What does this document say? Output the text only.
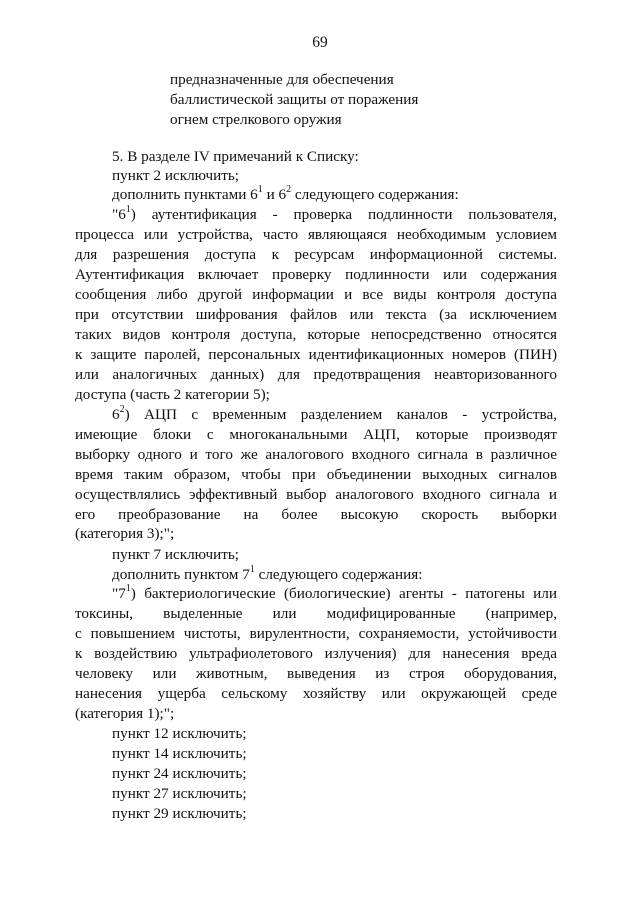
69
предназначенные для обеспечения
баллистической защиты от поражения
огнем стрелкового оружия
5. В разделе IV примечаний к Списку:
пункт 2 исключить;
дополнить пунктами $6^1$ и $6^2$ следующего содержания:
"$6^1$) аутентификация - проверка подлинности пользователя,
процесса или устройства, часто являющаяся необходимым условием
для разрешения доступа к ресурсам информационной системы.
Аутентификация включает проверку подлинности или содержания
сообщения либо другой информации и все виды контроля доступа
при отсутствии шифрования файлов или текста (за исключением
таких видов контроля доступа, которые непосредственно относятся
к защите паролей, персональных идентификационных номеров (ПИН)
или аналогичных данных) для предотвращения неавторизованного
доступа (часть 2 категории 5);
$6^2$) АЦП с временным разделением каналов - устройства,
имеющие блоки с многоканальными АЦП, которые производят
выборку одного и того же аналогового входного сигнала в различное
время таким образом, чтобы при объединении выходных сигналов
осуществлялись эффективный выбор аналогового входного сигнала и
его преобразование на более высокую скорость выборки
(категория 3);";
пункт 7 исключить;
дополнить пунктом $7^1$ следующего содержания:
"$7^1$) бактериологические (биологические) агенты - патогены или
токсины, выделенные или модифицированные (например,
с повышением чистоты, вирулентности, сохраняемости, устойчивости
к воздействию ультрафиолетового излучения) для нанесения вреда
человеку или животным, выведения из строя оборудования,
нанесения ущерба сельскому хозяйству или окружающей среде
(категория 1);";
пункт 12 исключить;
пункт 14 исключить;
пункт 24 исключить;
пункт 27 исключить;
пункт 29 исключить;
